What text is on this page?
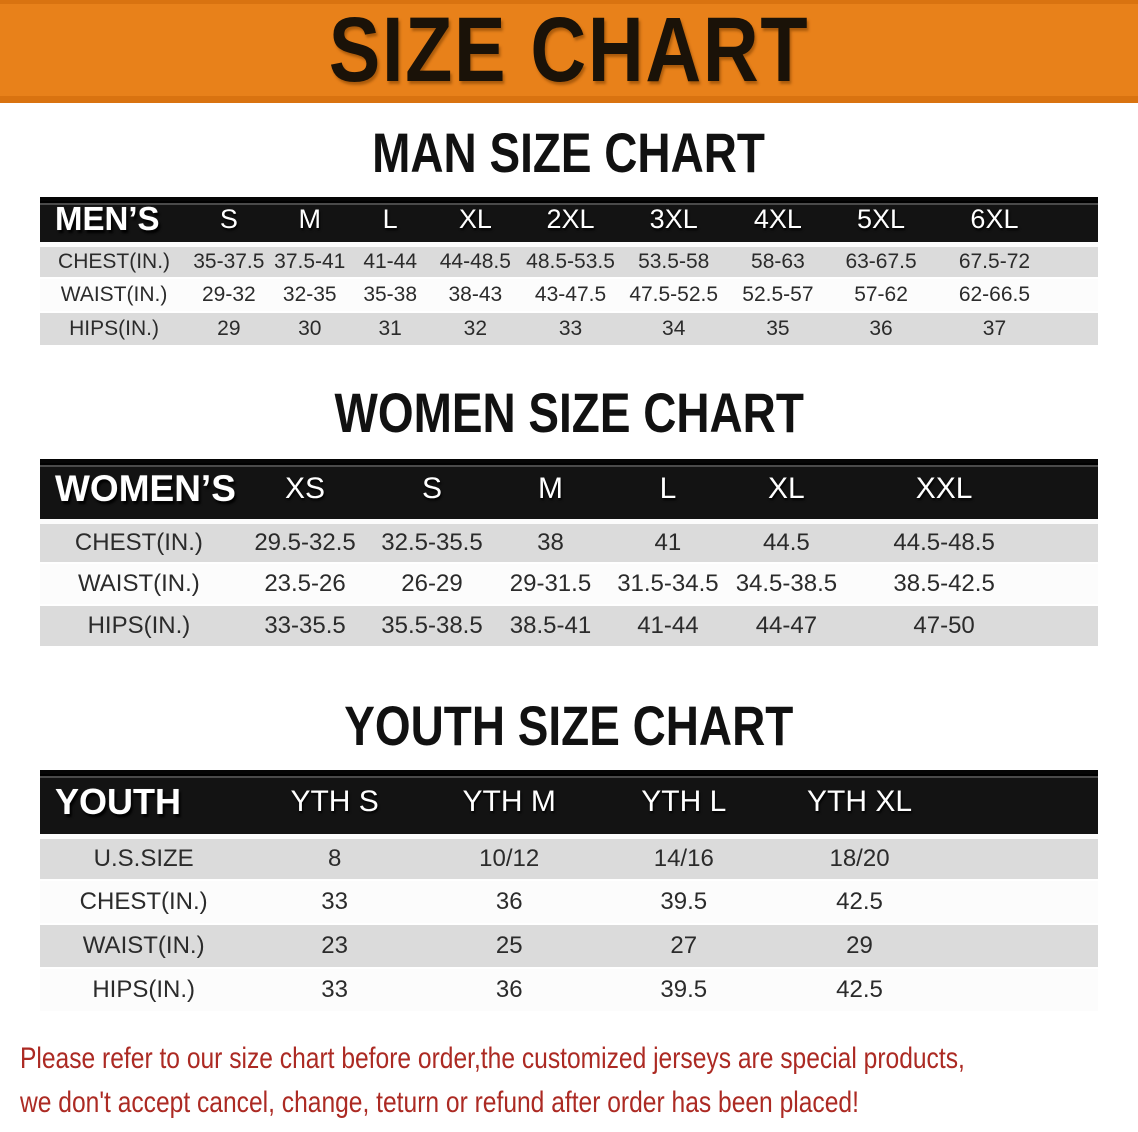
SIZE CHART
MAN SIZE CHART
MEN’S	S	M	L	XL	2XL	3XL	4XL	5XL	6XL
CHEST(IN.)	35-37.5	37.5-41	41-44	44-48.5	48.5-53.5	53.5-58	58-63	63-67.5	67.5-72
WAIST(IN.)	29-32	32-35	35-38	38-43	43-47.5	47.5-52.5	52.5-57	57-62	62-66.5
HIPS(IN.)	29	30	31	32	33	34	35	36	37
WOMEN SIZE CHART
WOMEN’S	XS	S	M	L	XL	XXL
CHEST(IN.)	29.5-32.5	32.5-35.5	38	41	44.5	44.5-48.5
WAIST(IN.)	23.5-26	26-29	29-31.5	31.5-34.5	34.5-38.5	38.5-42.5
HIPS(IN.)	33-35.5	35.5-38.5	38.5-41	41-44	44-47	47-50
YOUTH SIZE CHART
YOUTH	YTH S	YTH M	YTH L	YTH XL
U.S.SIZE	8	10/12	14/16	18/20
CHEST(IN.)	33	36	39.5	42.5
WAIST(IN.)	23	25	27	29
HIPS(IN.)	33	36	39.5	42.5
Please refer to our size chart before order,the customized jerseys are special products,
we don't accept cancel, change, teturn or refund after order has been placed!
